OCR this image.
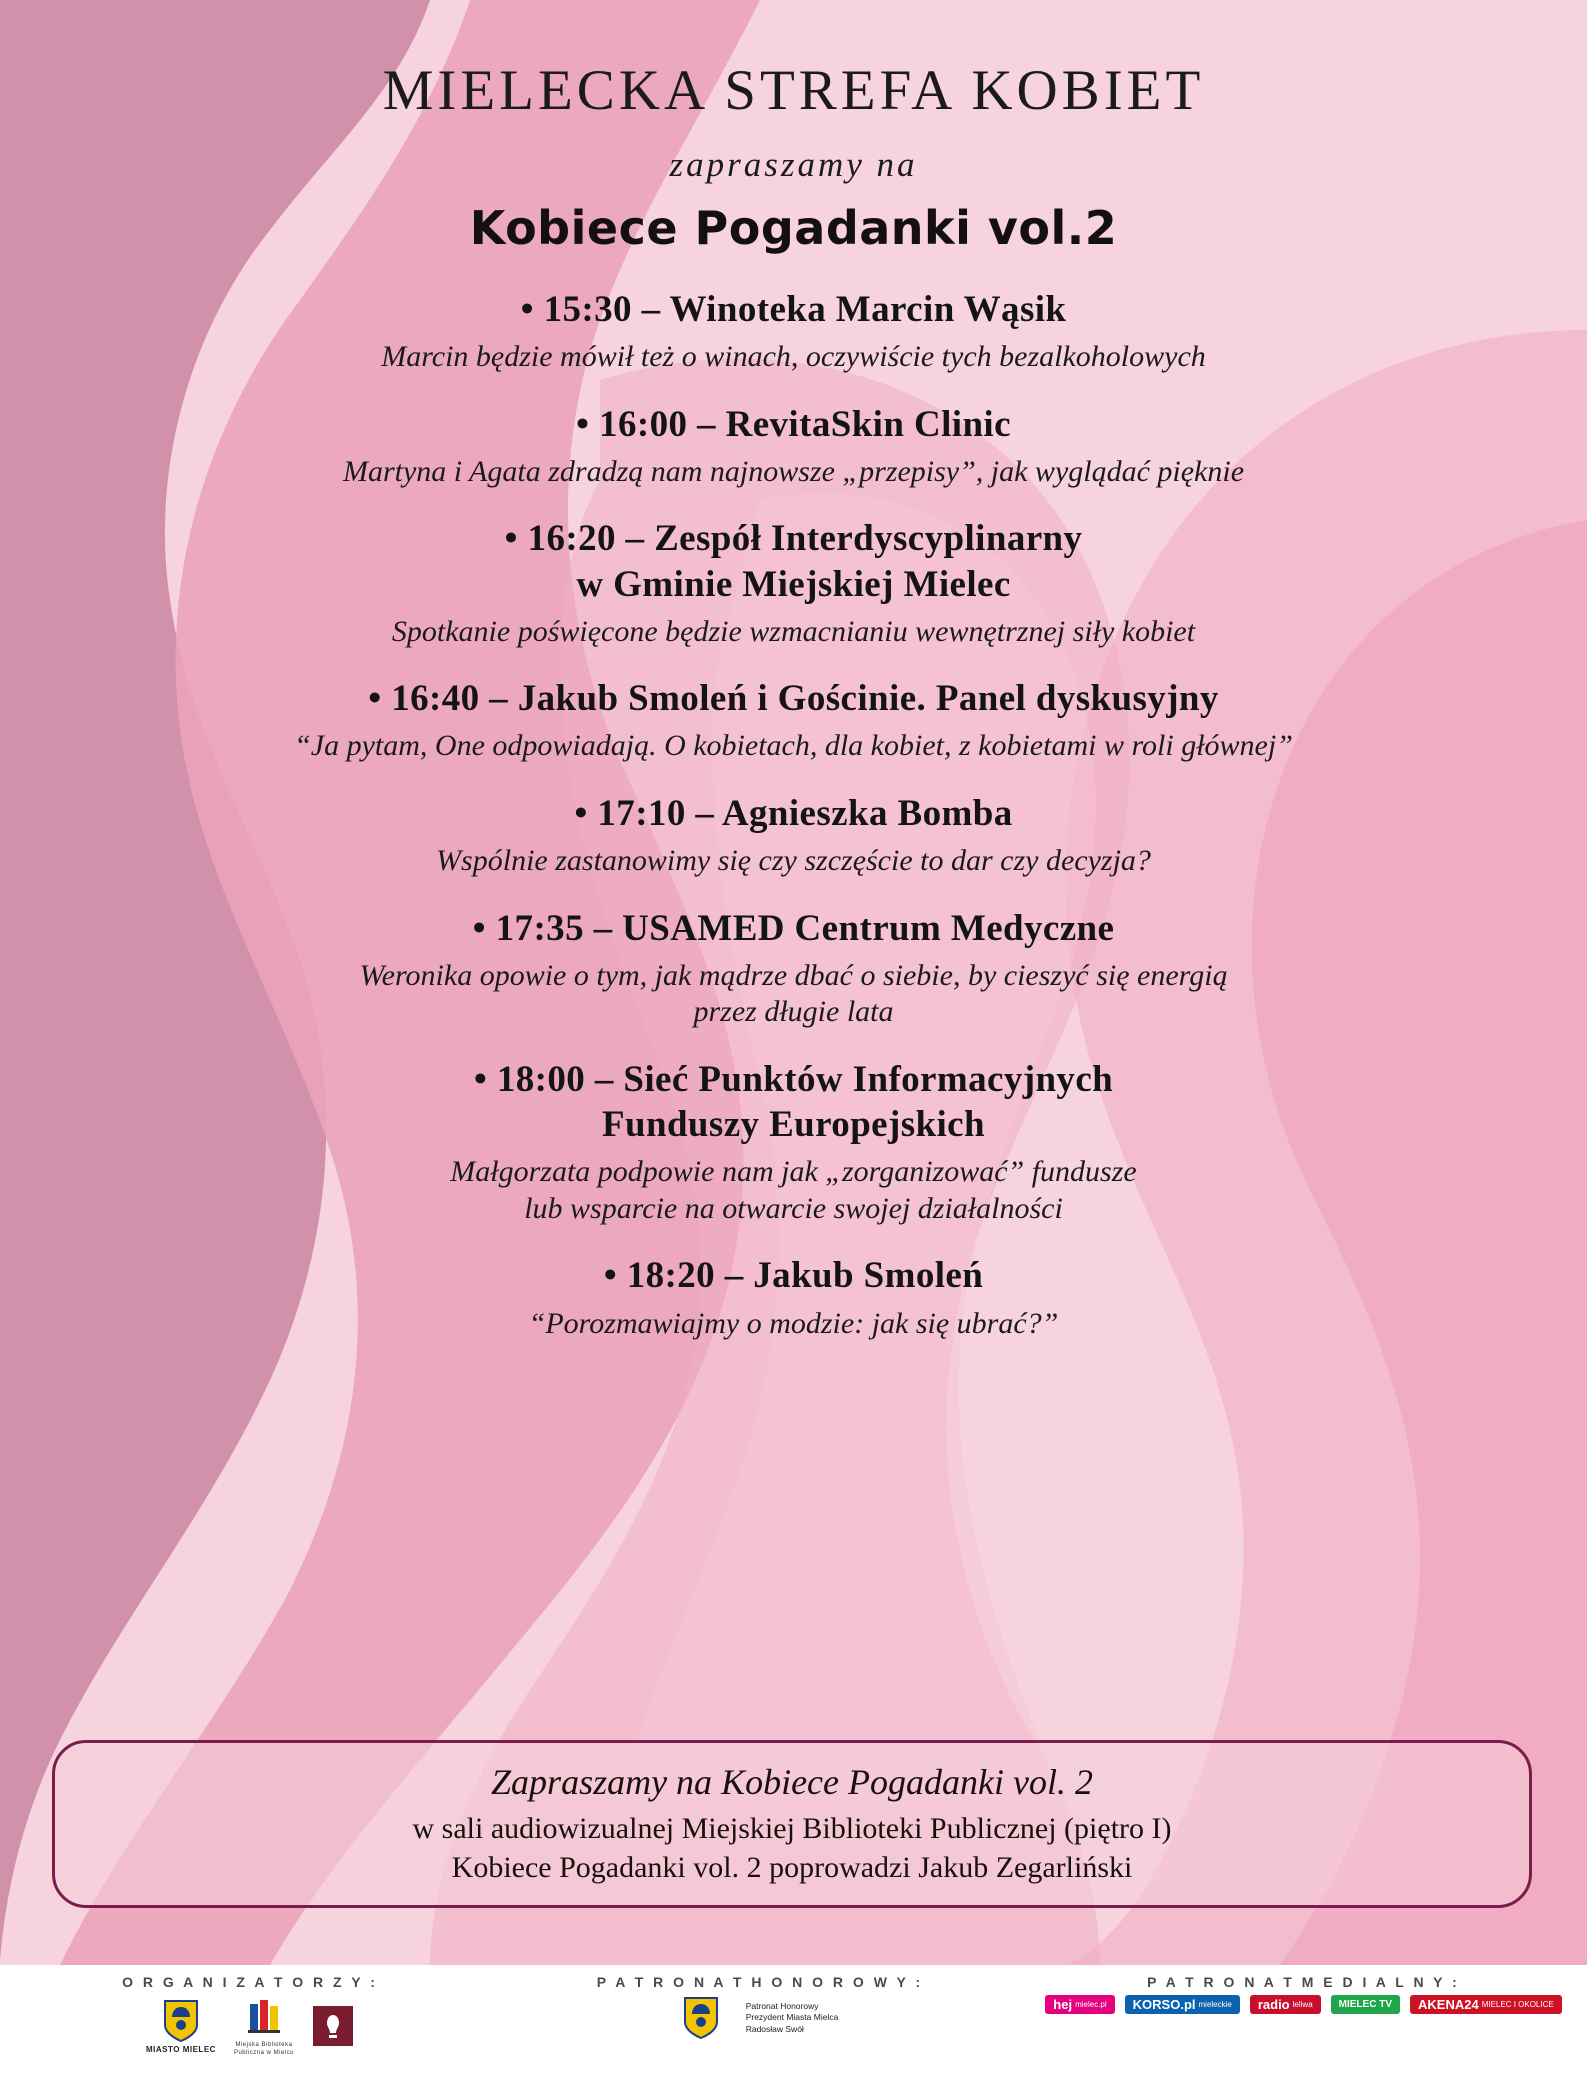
MIELECKA STREFA KOBIET
zapraszamy na
Kobiece Pogadanki vol.2
• 15:30 – Winoteka Marcin Wąsik
Marcin będzie mówił też o winach, oczywiście tych bezalkoholowych
• 16:00 – RevitaSkin Clinic
Martyna i Agata zdradzą nam najnowsze „przepisy”, jak wyglądać pięknie
• 16:20 – Zespół Interdyscyplinarny
w Gminie Miejskiej Mielec
Spotkanie poświęcone będzie wzmacnianiu wewnętrznej siły kobiet
• 16:40 – Jakub Smoleń i Gościnie. Panel dyskusyjny
“Ja pytam, One odpowiadają. O kobietach, dla kobiet, z kobietami w roli głównej”
• 17:10 – Agnieszka Bomba
Wspólnie zastanowimy się czy szczęście to dar czy decyzja?
• 17:35 – USAMED Centrum Medyczne
Weronika opowie o tym, jak mądrze dbać o siebie, by cieszyć się energią
przez długie lata
• 18:00 – Sieć Punktów Informacyjnych
Funduszy Europejskich
Małgorzata podpowie nam jak „zorganizować” fundusze
lub wsparcie na otwarcie swojej działalności
• 18:20 – Jakub Smoleń
“Porozmawiajmy o modzie: jak się ubrać?”
Zapraszamy na Kobiece Pogadanki vol. 2
w sali audiowizualnej Miejskiej Biblioteki Publicznej (piętro I)
Kobiece Pogadanki vol. 2 poprowadzi Jakub Zegarliński
O R G A N I Z A T O R Z Y :
MIASTO MIELEC	Miejska Biblioteka
Publiczna w Mielcu
P A T R O N A T H O N O R O W Y :
Patronat Honorowy
Prezydent Miasta Mielca
Radosław Swół
P A T R O N A T M E D I A L N Y :
hej mielec.pl KORSO.pl mieleckie radio leliwa	MIELEC TV AKENA24 MIELEC I OKOLICE
